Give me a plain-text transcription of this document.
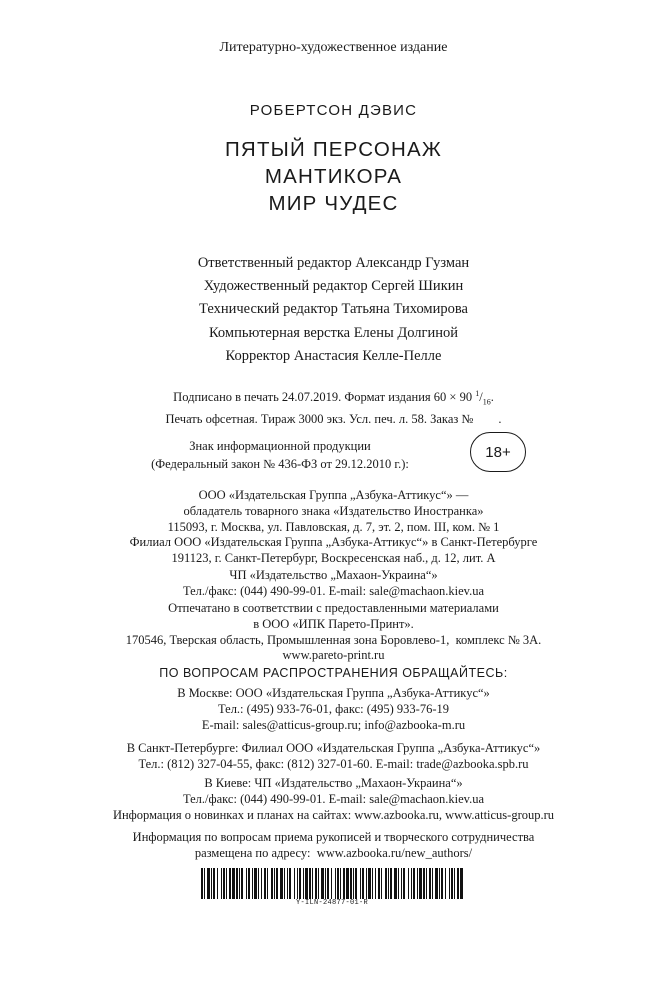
Литературно-художественное издание
РОБЕРТСОН ДЭВИС
ПЯТЫЙ ПЕРСОНАЖ
МАНТИКОРА
МИР ЧУДЕС
Ответственный редактор Александр Гузман
Художественный редактор Сергей Шикин
Технический редактор Татьяна Тихомирова
Компьютерная верстка Елены Долгиной
Корректор Анастасия Келле-Пелле
Подписано в печать 24.07.2019. Формат издания 60 × 90 $^1/_{16}$.
Печать офсетная. Тираж 3000 экз. Усл. печ. л. 58. Заказ №        .
Знак информационной продукции
(Федеральный закон № 436-ФЗ от 29.12.2010 г.):
18+
ООО «Издательская Группа „Азбука-Аттикус“» —
обладатель товарного знака «Издательство Иностранка»
115093, г. Москва, ул. Павловская, д. 7, эт. 2, пом. III, ком. № 1
Филиал ООО «Издательская Группа „Азбука-Аттикус“» в Санкт-Петербурге
191123, г. Санкт-Петербург, Воскресенская наб., д. 12, лит. А
ЧП «Издательство „Махаон-Украина“»
Тел./факс: (044) 490-99-01. E-mail: sale@machaon.kiev.ua
Отпечатано в соответствии с предоставленными материалами
в ООО «ИПК Парето-Принт».
170546, Тверская область, Промышленная зона Боровлево-1,  комплекс № 3А.
www.pareto-print.ru
ПО ВОПРОСАМ РАСПРОСТРАНЕНИЯ ОБРАЩАЙТЕСЬ:
В Москве: ООО «Издательская Группа „Азбука-Аттикус“»
Тел.: (495) 933-76-01, факс: (495) 933-76-19
E-mail: sales@atticus-group.ru; info@azbooka-m.ru
В Санкт-Петербурге: Филиал ООО «Издательская Группа „Азбука-Аттикус“»
Тел.: (812) 327-04-55, факс: (812) 327-01-60. E-mail: trade@azbooka.spb.ru
В Киеве: ЧП «Издательство „Махаон-Украина“»
Тел./факс: (044) 490-99-01. E-mail: sale@machaon.kiev.ua
Информация о новинках и планах на сайтах: www.azbooka.ru, www.atticus-group.ru
Информация по вопросам приема рукописей и творческого сотрудничества
размещена по адресу:  www.azbooka.ru/new_authors/
Y-ILN-24877-01-R
